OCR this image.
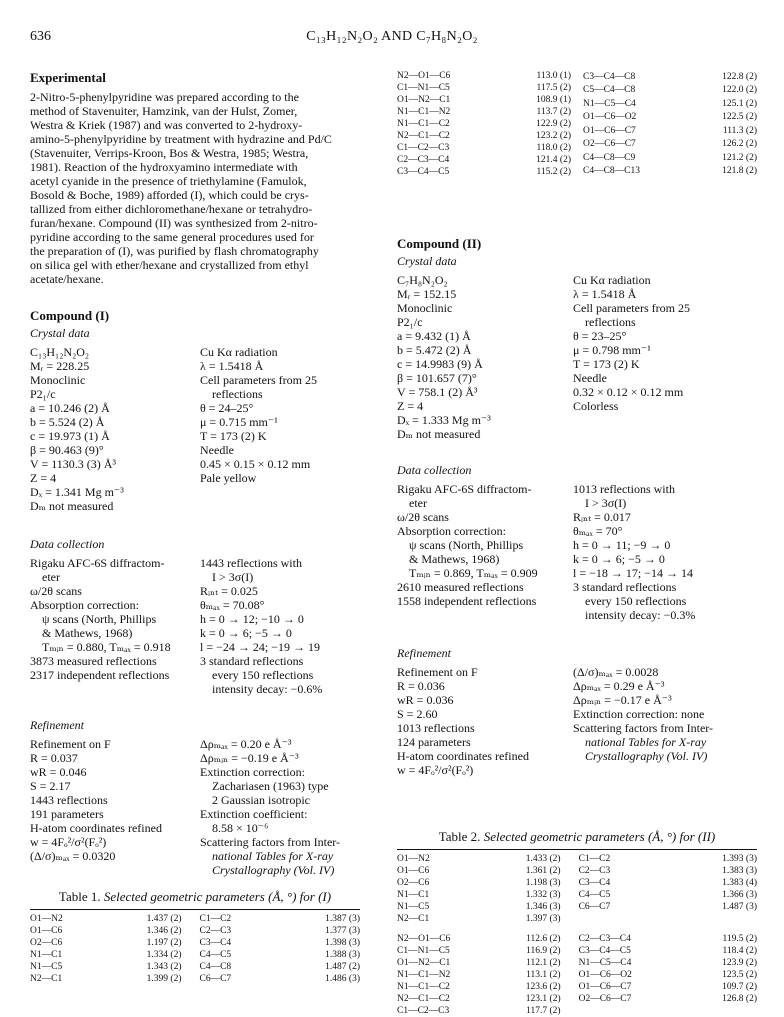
636	C₁₃H₁₂N₂O₂ AND C₇H₈N₂O₂
Experimental
2-Nitro-5-phenylpyridine was prepared according to the
method of Stavenuiter, Hamzink, van der Hulst, Zomer,
Westra & Kriek (1987) and was converted to 2-hydroxy-
amino-5-phenylpyridine by treatment with hydrazine and Pd/C
(Stavenuiter, Verrips-Kroon, Bos & Westra, 1985; Westra,
1981). Reaction of the hydroxyamino intermediate with
acetyl cyanide in the presence of triethylamine (Famulok,
Bosold & Boche, 1989) afforded (I), which could be crys-
tallized from either dichloromethane/hexane or tetrahydro-
furan/hexane. Compound (II) was synthesized from 2-nitro-
pyridine according to the same general procedures used for
the preparation of (I), was purified by flash chromatography
on silica gel with ether/hexane and crystallized from ethyl
acetate/hexane.
Compound (I)
Crystal data
C₁₃H₁₂N₂O₂
Mᵣ = 228.25
Monoclinic
P2₁/c
a = 10.246 (2) Å
b = 5.524 (2) Å
c = 19.973 (1) Å
β = 90.463 (9)°
V = 1130.3 (3) Å³
Z = 4
Dₓ = 1.341 Mg m⁻³
Dₘ not measured
Cu Kα radiation
λ = 1.5418 Å
Cell parameters from 25
reflections
θ = 24–25°
μ = 0.715 mm⁻¹
T = 173 (2) K
Needle
0.45 × 0.15 × 0.12 mm
Pale yellow
Data collection
Rigaku AFC-6S diffractom-
eter
ω/2θ scans
Absorption correction:
ψ scans (North, Phillips
& Mathews, 1968)
Tₘᵢₙ = 0.880, Tₘₐₓ = 0.918
3873 measured reflections
2317 independent reflections
1443 reflections with
I > 3σ(I)
Rᵢₙₜ = 0.025
θₘₐₓ = 70.08°
h = 0 → 12; −10 → 0
k = 0 → 6; −5 → 0
l = −24 → 24; −19 → 19
3 standard reflections
every 150 reflections
intensity decay: −0.6%
Refinement
Refinement on F
R = 0.037
wR = 0.046
S = 2.17
1443 reflections
191 parameters
H-atom coordinates refined
w = 4Fₒ²/σ²(Fₒ²)
(Δ/σ)ₘₐₓ = 0.0320
Δρₘₐₓ = 0.20 e Å⁻³
Δρₘᵢₙ = −0.19 e Å⁻³
Extinction correction:
Zachariasen (1963) type
2 Gaussian isotropic
Extinction coefficient:
8.58 × 10⁻⁶
Scattering factors from Inter-
national Tables for X-ray
Crystallography (Vol. IV)
Table 1. Selected geometric parameters (Å, °) for (I)
O1—N2	1.437 (2)	C1—C2	1.387 (3)
O1—C6	1.346 (2)	C2—C3	1.377 (3)
O2—C6	1.197 (2)	C3—C4	1.398 (3)
N1—C1	1.334 (2)	C4—C5	1.388 (3)
N1—C5	1.343 (2)	C4—C8	1.487 (2)
N2—C1	1.399 (2)	C6—C7	1.486 (3)
N2—O1—C6	113.0 (1)
C1—N1—C5	117.5 (2)
O1—N2—C1	108.9 (1)
N1—C1—N2	113.7 (2)
N1—C1—C2	122.9 (2)
N2—C1—C2	123.2 (2)
C1—C2—C3	118.0 (2)
C2—C3—C4	121.4 (2)
C3—C4—C5	115.2 (2)
C3—C4—C8	122.8 (2)
C5—C4—C8	122.0 (2)
N1—C5—C4	125.1 (2)
O1—C6—O2	122.5 (2)
O1—C6—C7	111.3 (2)
O2—C6—C7	126.2 (2)
C4—C8—C9	121.2 (2)
C4—C8—C13	121.8 (2)
Compound (II)
Crystal data
C₇H₈N₂O₂
Mᵣ = 152.15
Monoclinic
P2₁/c
a = 9.432 (1) Å
b = 5.472 (2) Å
c = 14.9983 (9) Å
β = 101.657 (7)°
V = 758.1 (2) Å³
Z = 4
Dₓ = 1.333 Mg m⁻³
Dₘ not measured
Cu Kα radiation
λ = 1.5418 Å
Cell parameters from 25
reflections
θ = 23–25°
μ = 0.798 mm⁻¹
T = 173 (2) K
Needle
0.32 × 0.12 × 0.12 mm
Colorless
Data collection
Rigaku AFC-6S diffractom-
eter
ω/2θ scans
Absorption correction:
ψ scans (North, Phillips
& Mathews, 1968)
Tₘᵢₙ = 0.869, Tₘₐₓ = 0.909
2610 measured reflections
1558 independent reflections
1013 reflections with
I > 3σ(I)
Rᵢₙₜ = 0.017
θₘₐₓ = 70°
h = 0 → 11; −9 → 0
k = 0 → 6; −5 → 0
l = −18 → 17; −14 → 14
3 standard reflections
every 150 reflections
intensity decay: −0.3%
Refinement
Refinement on F
R = 0.036
wR = 0.036
S = 2.60
1013 reflections
124 parameters
H-atom coordinates refined
w = 4Fₒ²/σ²(Fₒ²)
(Δ/σ)ₘₐₓ = 0.0028
Δρₘₐₓ = 0.29 e Å⁻³
Δρₘᵢₙ = −0.17 e Å⁻³
Extinction correction: none
Scattering factors from Inter-
national Tables for X-ray
Crystallography (Vol. IV)
Table 2. Selected geometric parameters (Å, °) for (II)
O1—N2	1.433 (2)	C1—C2	1.393 (3)
O1—C6	1.361 (2)	C2—C3	1.383 (3)
O2—C6	1.198 (3)	C3—C4	1.383 (4)
N1—C1	1.332 (3)	C4—C5	1.366 (3)
N1—C5	1.346 (3)	C6—C7	1.487 (3)
N2—C1	1.397 (3)		
N2—O1—C6	112.6 (2)	C2—C3—C4	119.5 (2)
C1—N1—C5	116.9 (2)	C3—C4—C5	118.4 (2)
O1—N2—C1	112.1 (2)	N1—C5—C4	123.9 (2)
N1—C1—N2	113.1 (2)	O1—C6—O2	123.5 (2)
N1—C1—C2	123.6 (2)	O1—C6—C7	109.7 (2)
N2—C1—C2	123.1 (2)	O2—C6—C7	126.8 (2)
C1—C2—C3	117.7 (2)		
